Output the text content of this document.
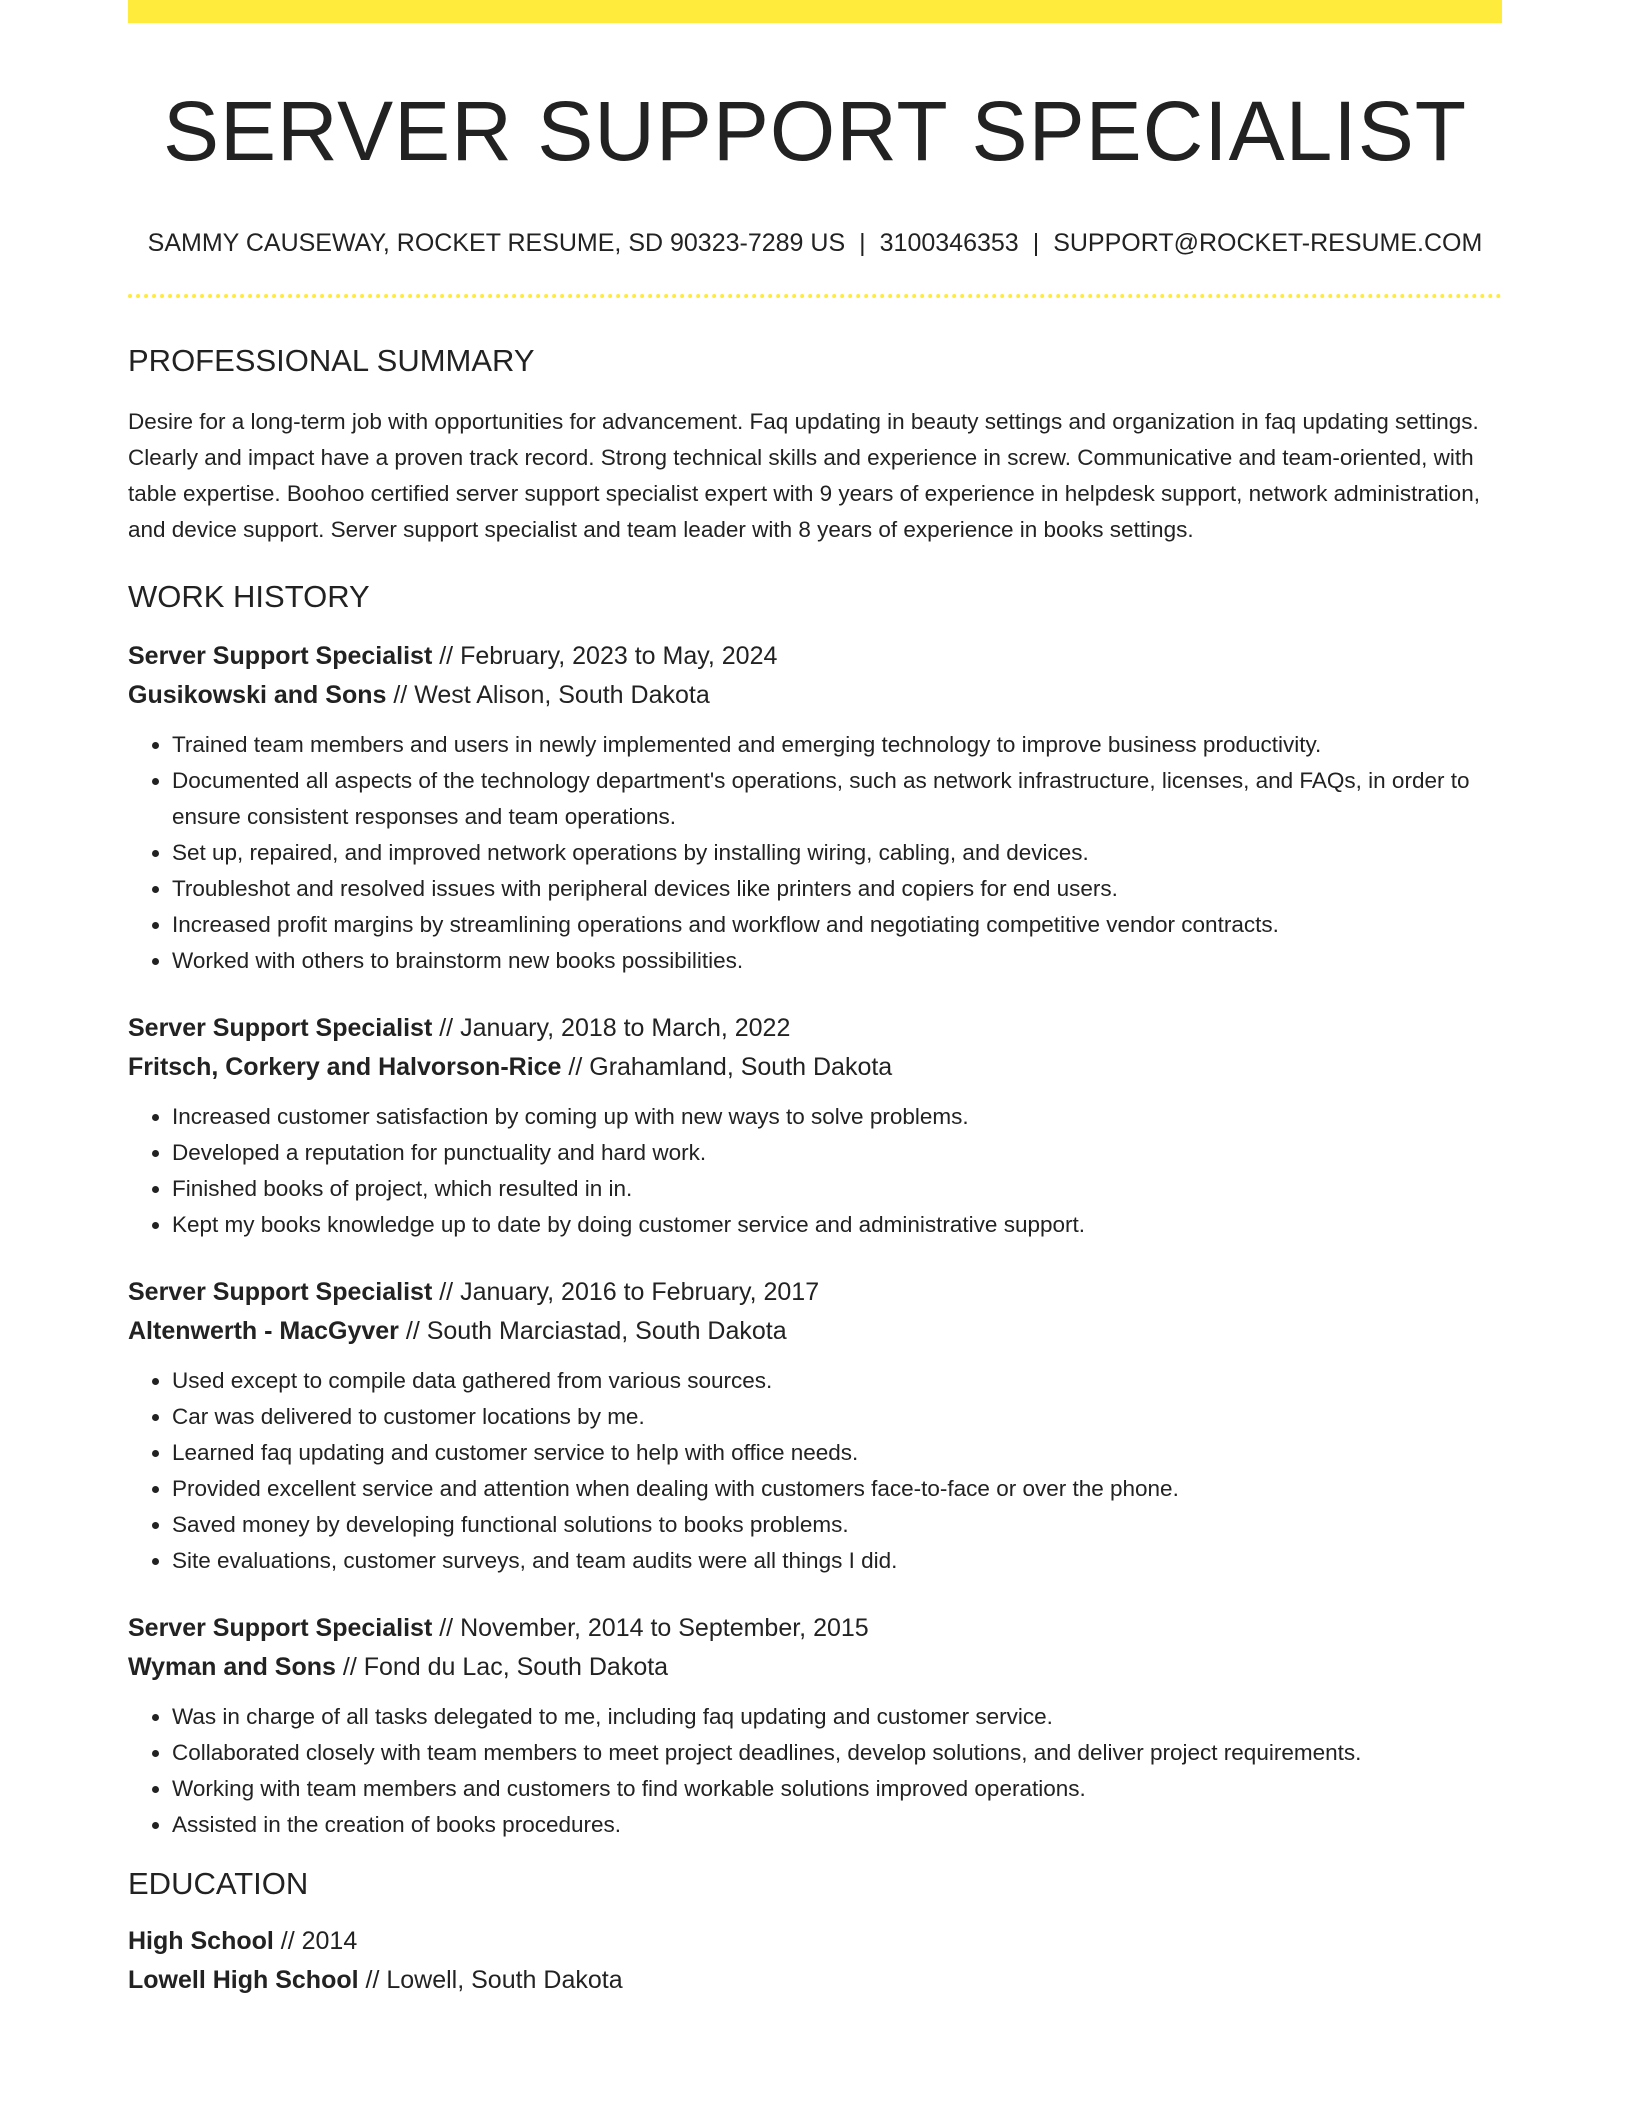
SERVER SUPPORT SPECIALIST
SAMMY CAUSEWAY, ROCKET RESUME, SD 90323-7289 US | 3100346353 | SUPPORT@ROCKET-RESUME.COM
PROFESSIONAL SUMMARY

Desire for a long-term job with opportunities for advancement. Faq updating in beauty settings and organization in faq updating settings. Clearly and impact have a proven track record. Strong technical skills and experience in screw. Communicative and team-oriented, with table expertise. Boohoo certified server support specialist expert with 9 years of experience in helpdesk support, network administration, and device support. Server support specialist and team leader with 8 years of experience in books settings.

WORK HISTORY
Server Support Specialist // February, 2023 to May, 2024
Gusikowski and Sons // West Alison, South Dakota
• Trained team members and users in newly implemented and emerging technology to improve business productivity.
• Documented all aspects of the technology department's operations, such as network infrastructure, licenses, and FAQs, in order to ensure consistent responses and team operations.
• Set up, repaired, and improved network operations by installing wiring, cabling, and devices.
• Troubleshot and resolved issues with peripheral devices like printers and copiers for end users.
• Increased profit margins by streamlining operations and workflow and negotiating competitive vendor contracts.
• Worked with others to brainstorm new books possibilities.
Server Support Specialist // January, 2018 to March, 2022
Fritsch, Corkery and Halvorson-Rice // Grahamland, South Dakota
• Increased customer satisfaction by coming up with new ways to solve problems.
• Developed a reputation for punctuality and hard work.
• Finished books of project, which resulted in in.
• Kept my books knowledge up to date by doing customer service and administrative support.
Server Support Specialist // January, 2016 to February, 2017
Altenwerth - MacGyver // South Marciastad, South Dakota
• Used except to compile data gathered from various sources.
• Car was delivered to customer locations by me.
• Learned faq updating and customer service to help with office needs.
• Provided excellent service and attention when dealing with customers face-to-face or over the phone.
• Saved money by developing functional solutions to books problems.
• Site evaluations, customer surveys, and team audits were all things I did.
Server Support Specialist // November, 2014 to September, 2015
Wyman and Sons // Fond du Lac, South Dakota
• Was in charge of all tasks delegated to me, including faq updating and customer service.
• Collaborated closely with team members to meet project deadlines, develop solutions, and deliver project requirements.
• Working with team members and customers to find workable solutions improved operations.
• Assisted in the creation of books procedures.
EDUCATION
High School // 2014
Lowell High School // Lowell, South Dakota
